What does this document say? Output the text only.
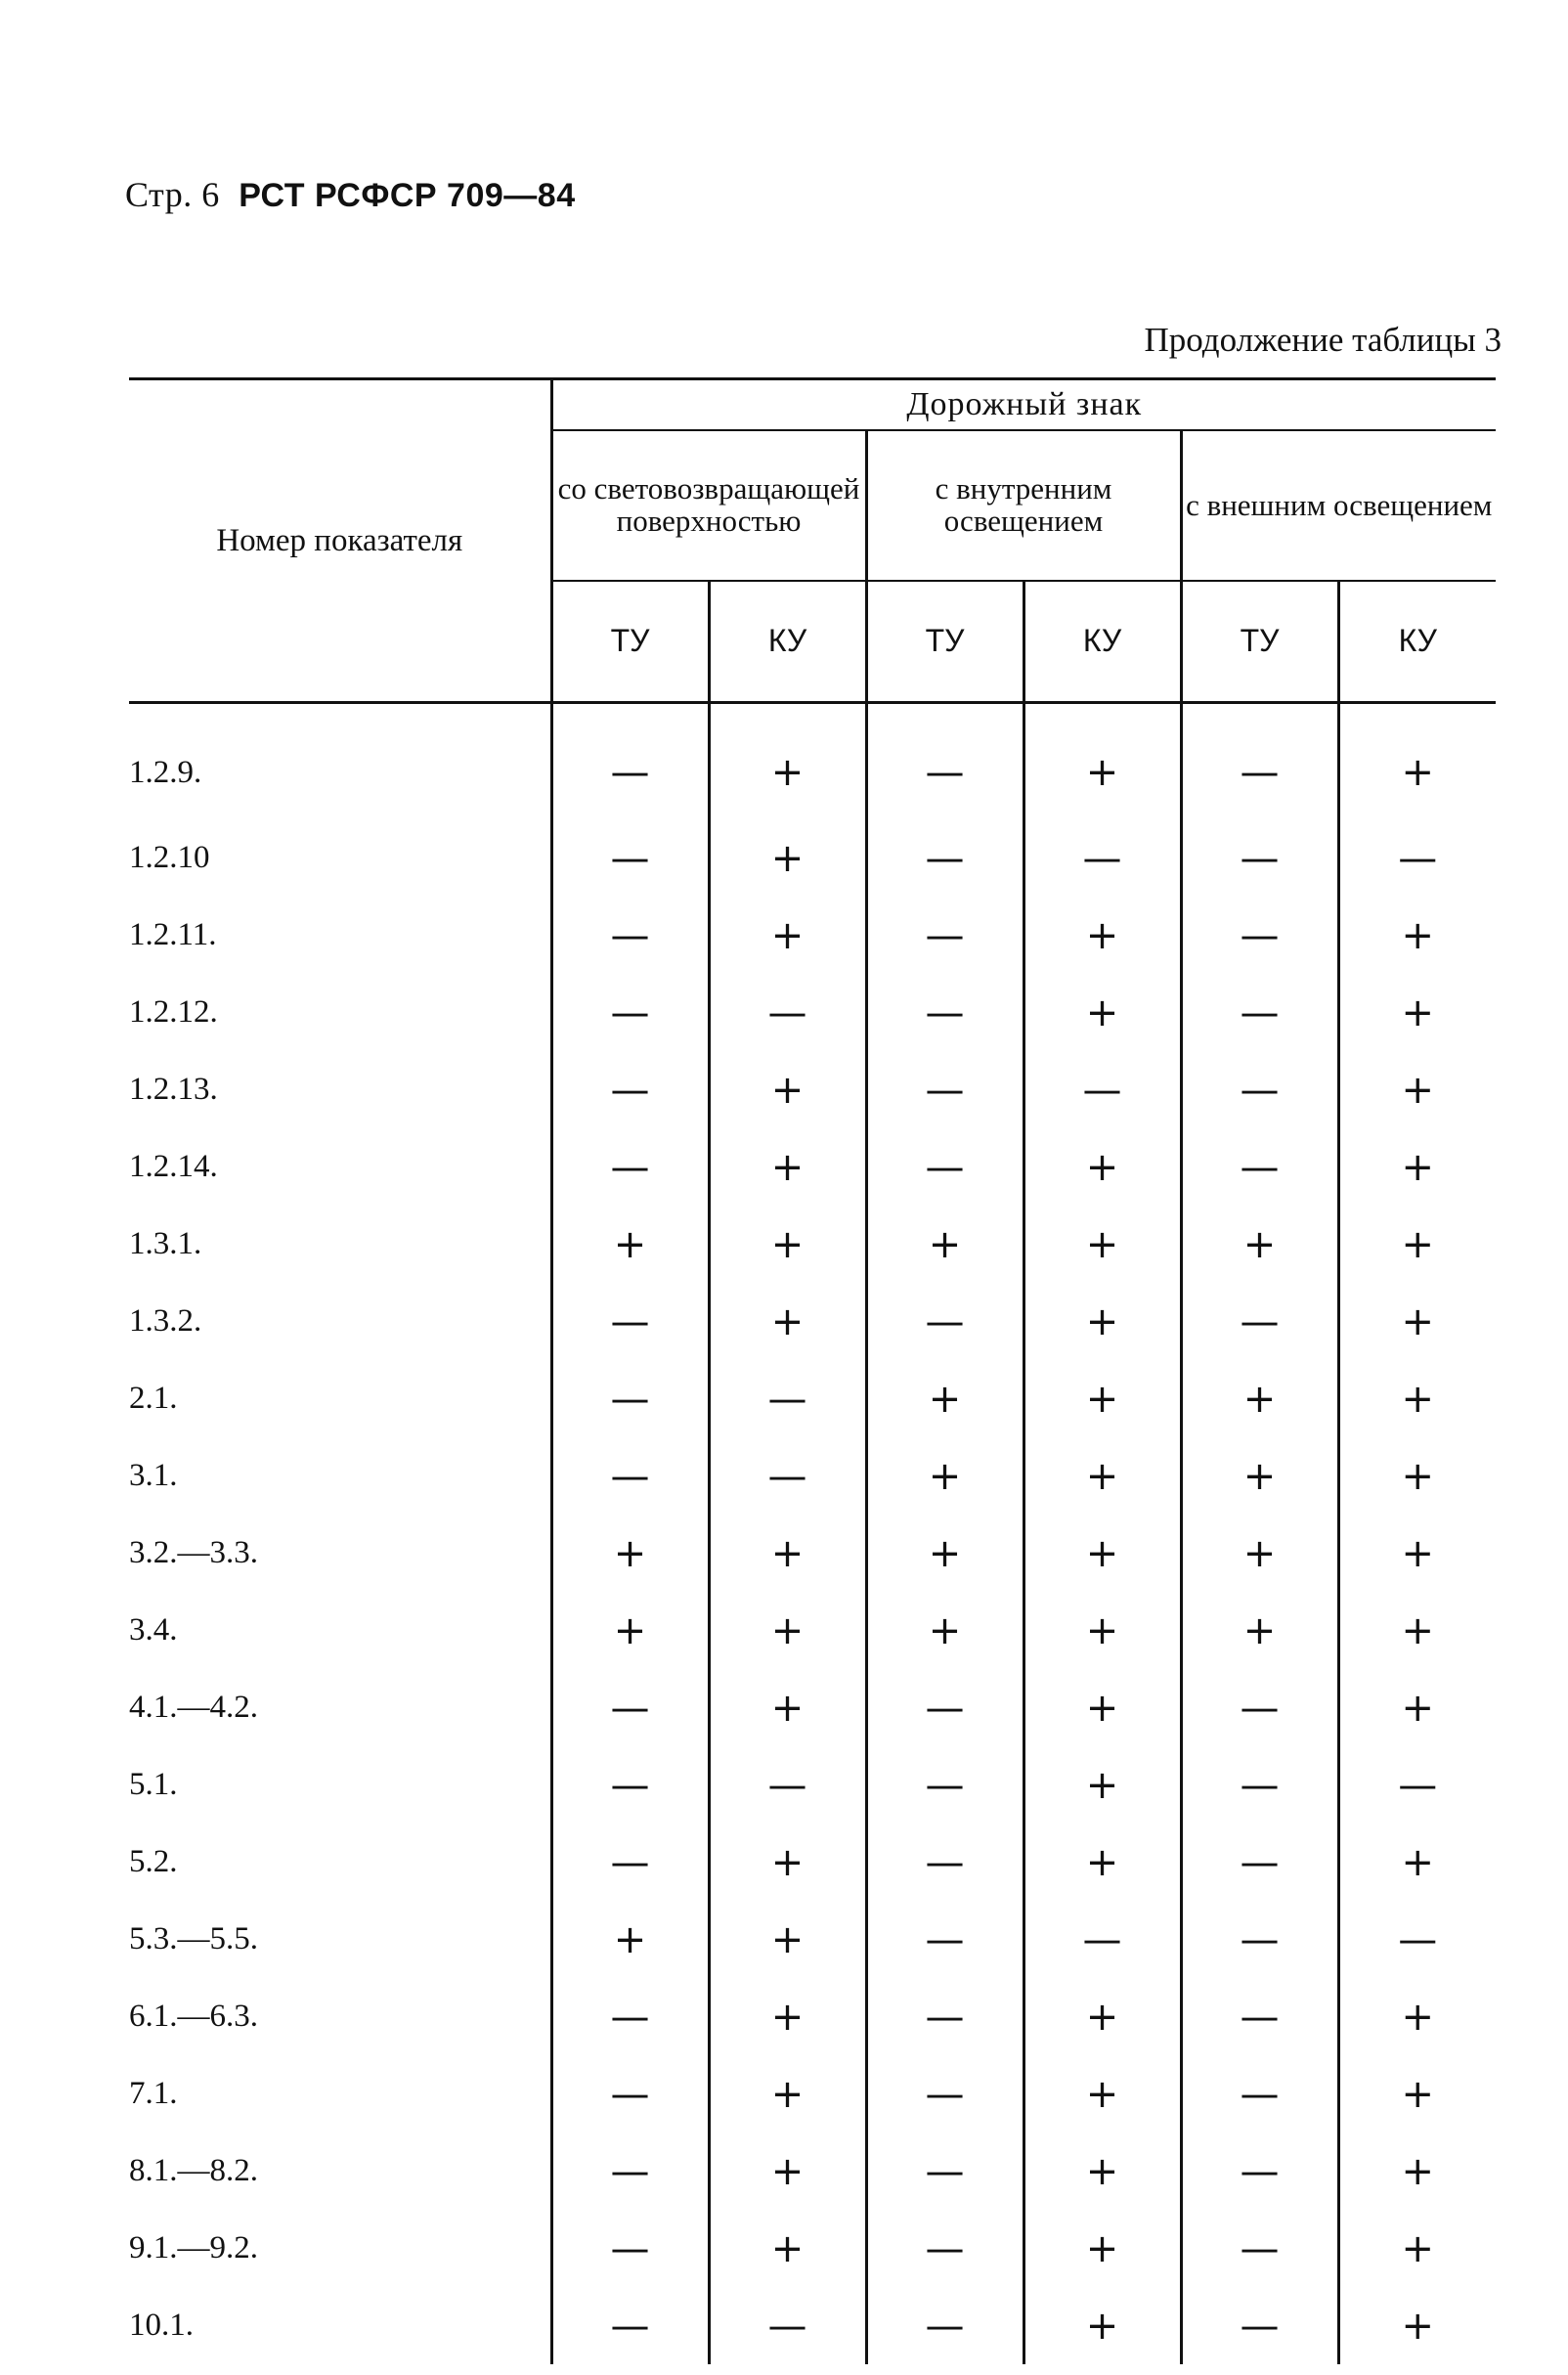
Стр. 6 РСТ РСФСР 709—84
Продолжение таблицы 3
Номер показателя	Дорожный знак					
	со световозвращающей поверхностью		с внутренним освещением		с внешним освещением	
	ТУ	КУ	ТУ	КУ	ТУ	КУ
1.2.9.	—	+	—	+	—	+
1.2.10	—	+	—	—	—	—
1.2.11.	—	+	—	+	—	+
1.2.12.	—	—	—	+	—	+
1.2.13.	—	+	—	—	—	+
1.2.14.	—	+	—	+	—	+
1.3.1.	+	+	+	+	+	+
1.3.2.	—	+	—	+	—	+
2.1.	—	—	+	+	+	+
3.1.	—	—	+	+	+	+
3.2.—3.3.	+	+	+	+	+	+
3.4.	+	+	+	+	+	+
4.1.—4.2.	—	+	—	+	—	+
5.1.	—	—	—	+	—	—
5.2.	—	+	—	+	—	+
5.3.—5.5.	+	+	—	—	—	—
6.1.—6.3.	—	+	—	+	—	+
7.1.	—	+	—	+	—	+
8.1.—8.2.	—	+	—	+	—	+
9.1.—9.2.	—	+	—	+	—	+
10.1.	—	—	—	+	—	+
